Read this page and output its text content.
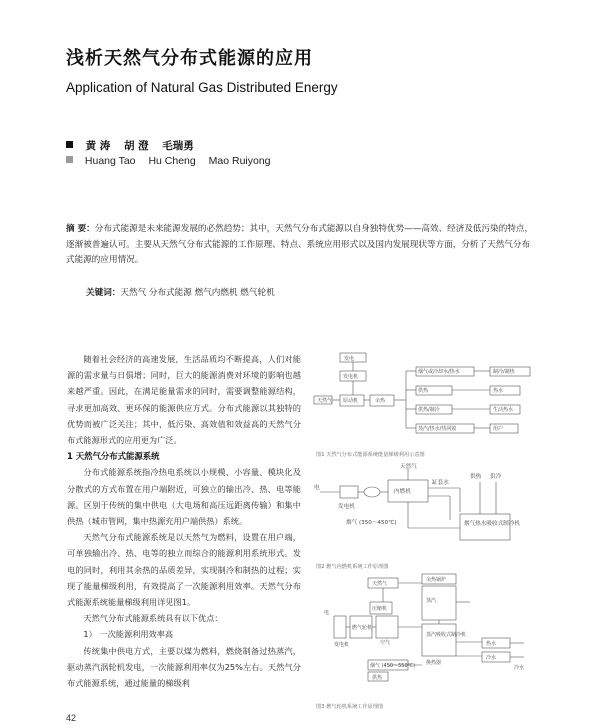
浅析天然气分布式能源的应用
Application of Natural Gas Distributed Energy
黄 涛 胡 澄 毛瑞勇
Huang Tao Hu Cheng Mao Ruiyong
摘 要：分布式能源是未来能源发展的必然趋势；其中，天然气分布式能源以自身独特优势——高效、经济及低污染的特点，逐渐被普遍认可。主要从天然气分布式能源的工作原理、特点、系统应用形式以及国内发展现状等方面，分析了天然气分布式能源的应用情况。
关键词：天然气 分布式能源 燃气内燃机 燃气轮机

随着社会经济的高速发展，生活品质均不断提高，人们对能源的需求量与日俱增；同时，巨大的能源消费对环境的影响也越来越严重。因此，在满足能量需求的同时，需要调整能源结构，寻求更加高效、更环保的能源供应方式。分布式能源以其独特的优势而被广泛关注；其中，低污染、高效值和效益高的天然气分布式能源形式的应用更为广泛。

1 天然气分布式能源系统

分布式能源系统指冷热电系统以小规模、小容量、模块化及分散式的方式布置在用户端附近，可独立的输出冷、热、电等能源。区别于传统的集中供电（大电场和高压远距离传输）和集中供热（城市管网，集中热源充用户端供热）系统。

天然气分布式能源系统是以天然气为燃料，设置在用户端，可单独输出冷、热、电等的独立而综合的能源利用系统形式。发电的同时，利用其余热的品质差异，实现制冷和制热的过程；实现了能量梯级利用，有效提高了一次能源利用效率。天然气分布式能源系统能量梯级利用详见图1。

天然气分布式能源系统具有以下优点：

1） 一次能源利用效率高

传统集中供电方式，主要以煤为燃料，燃烧制备过热蒸汽，驱动蒸汽涡轮机发电，一次能源利用率仅为25%左右。天然气分布式能源系统，通过能量的梯级利

发电
发电机
天然气 原动机	余热
烟气或冷却水/热水
供热
供热/制冷
蒸汽/热水/热回收
制冷/制热
热水
生活热水
用户
图1 天然气分布式能源系统能量梯级利用示意图
天然气
内燃机
电
发电机
缸套水
烟气 (350～450℃)	烟气热水吸收式制冷机
供热 供冷
图2 燃气内燃机系统工作原理图
天然气
余热锅炉
蒸汽
压缩机
燃气轮机
发电机
电
空气
烟气 (450～550℃)
蒸汽吸收式制冷机
换热器
供热
热水
冷水
冷水
图3 燃气轮机系统工作原理图
42
